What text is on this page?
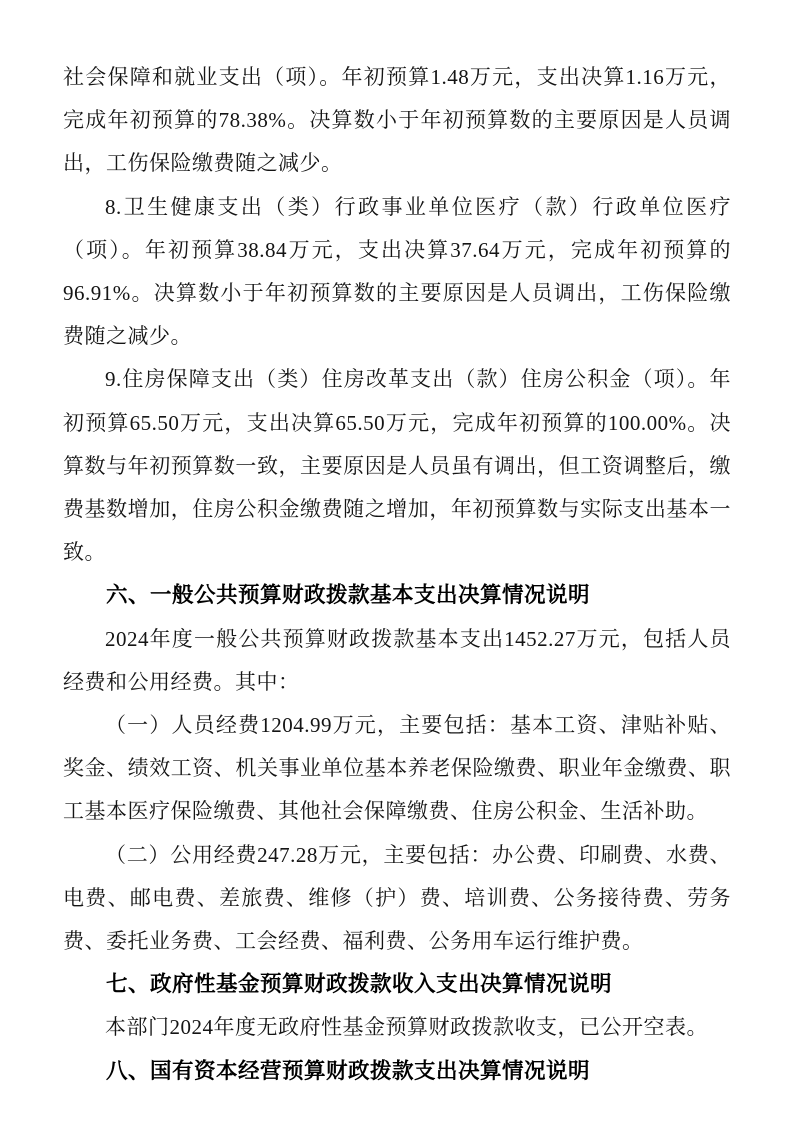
社会保障和就业支出（项）。年初预算1.48万元，支出决算1.16万元，完成年初预算的78.38%。决算数小于年初预算数的主要原因是人员调出，工伤保险缴费随之减少。

8.卫生健康支出（类）行政事业单位医疗（款）行政单位医疗（项）。年初预算38.84万元，支出决算37.64万元，完成年初预算的96.91%。决算数小于年初预算数的主要原因是人员调出，工伤保险缴费随之减少。

9.住房保障支出（类）住房改革支出（款）住房公积金（项）。年初预算65.50万元，支出决算65.50万元，完成年初预算的100.00%。决算数与年初预算数一致，主要原因是人员虽有调出，但工资调整后，缴费基数增加，住房公积金缴费随之增加，年初预算数与实际支出基本一致。

六、一般公共预算财政拨款基本支出决算情况说明

2024年度一般公共预算财政拨款基本支出1452.27万元，包括人员经费和公用经费。其中：

（一）人员经费1204.99万元，主要包括：基本工资、津贴补贴、奖金、绩效工资、机关事业单位基本养老保险缴费、职业年金缴费、职工基本医疗保险缴费、其他社会保障缴费、住房公积金、生活补助。

（二）公用经费247.28万元，主要包括：办公费、印刷费、水费、电费、邮电费、差旅费、维修（护）费、培训费、公务接待费、劳务费、委托业务费、工会经费、福利费、公务用车运行维护费。

七、政府性基金预算财政拨款收入支出决算情况说明

本部门2024年度无政府性基金预算财政拨款收支，已公开空表。

八、国有资本经营预算财政拨款支出决算情况说明
